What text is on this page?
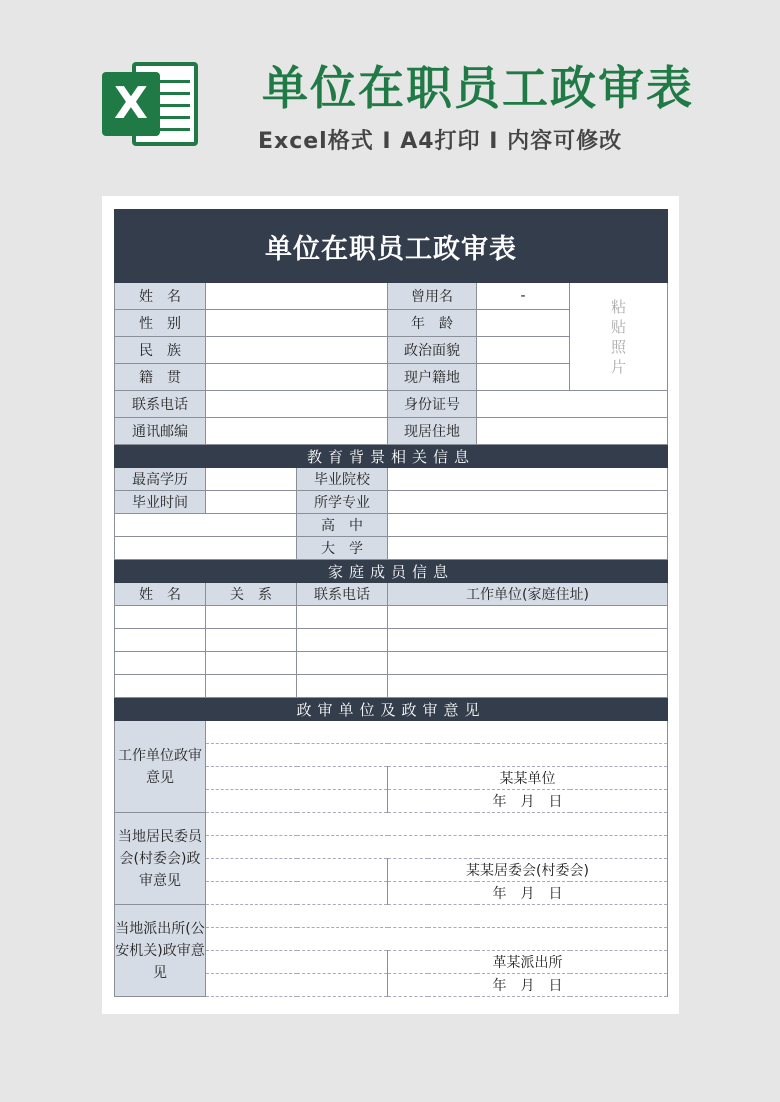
X 单位在职员工政审表
Excel格式 I A4打印 I 内容可修改
单位在职员工政审表					
姓　名			曾用名	-	粘
贴
照
片

性　别			年　龄		
民　族			政治面貌		
籍　贯			现户籍地		
联系电话			身份证号		
通讯邮编			现居住地		
教育背景相关信息					
最高学历		毕业院校			
毕业时间		所学专业			
		高　中			
		大　学			
家庭成员信息					
姓　名	关　系	联系电话	工作单位(家庭住址)		

政审单位及政审意见					
工作单位政审意见					

			某某单位		
			年　月　日		
当地居民委员会(村委会)政审意见					

			某某居委会(村委会)		
			年　月　日		
当地派出所(公安机关)政审意见					

			革某派出所		
			年　月　日		
